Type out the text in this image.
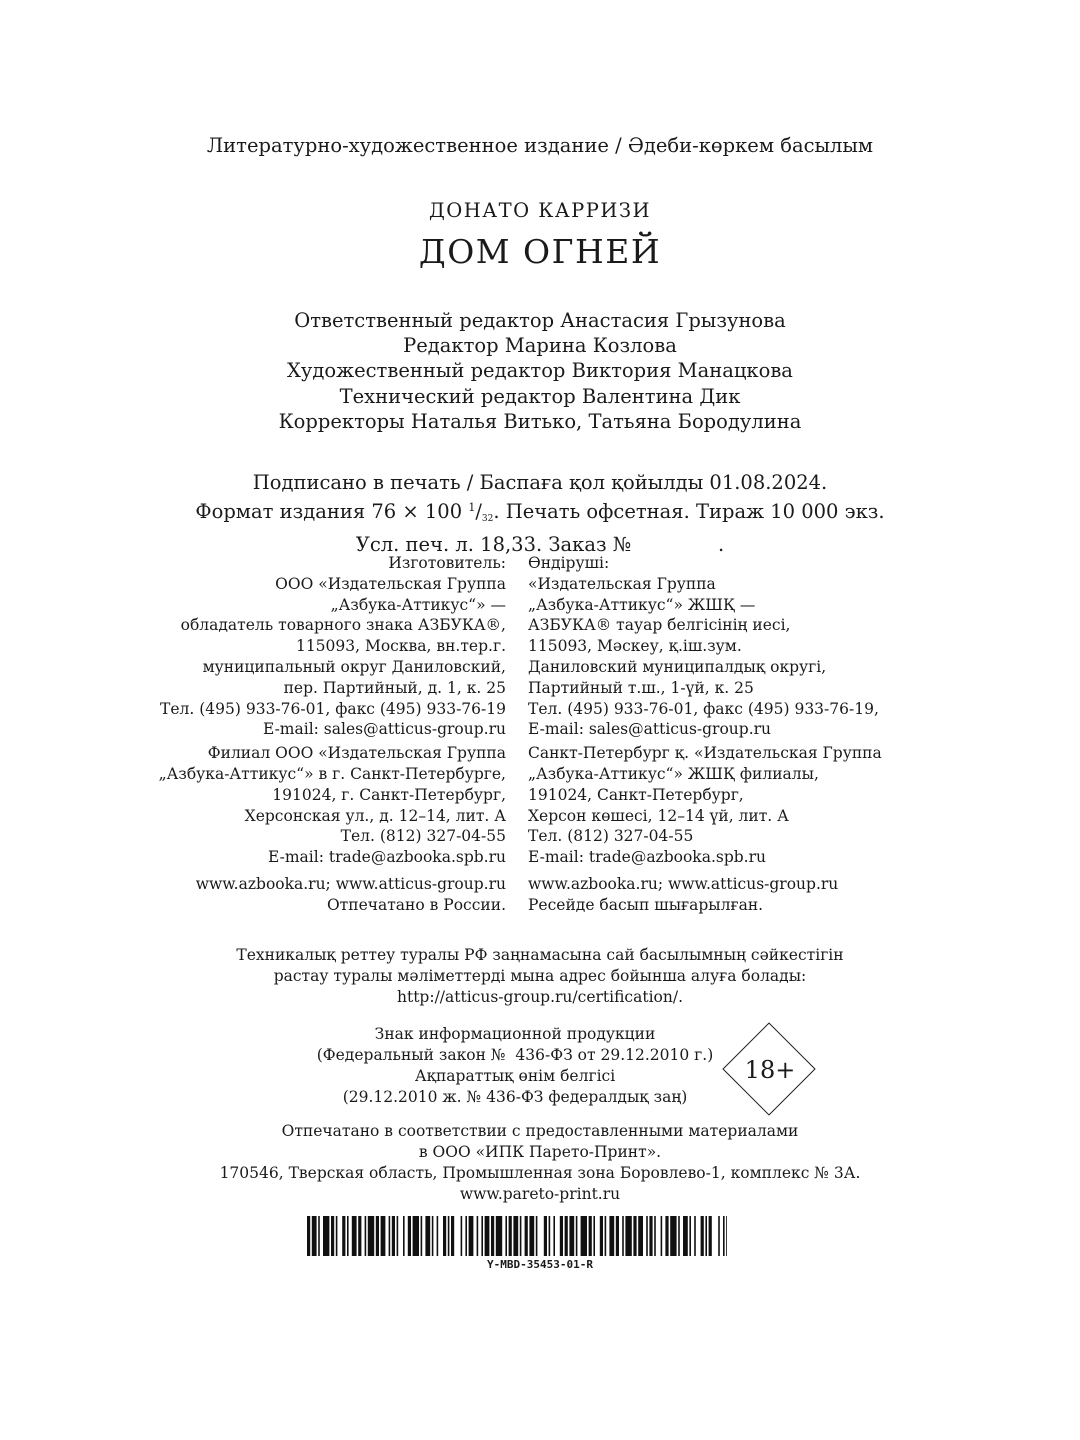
Литературно-художественное издание / Әдеби-көркем басылым
ДОНАТО КАРРИЗИ
ДОМ ОГНЕЙ
Ответственный редактор Анастасия Грызунова
Редактор Марина Козлова
Художественный редактор Виктория Манацкова
Технический редактор Валентина Дик
Корректоры Наталья Витько, Татьяна Бородулина
Подписано в печать / Баспаға қол қойылды 01.08.2024.
Формат издания 76 × 100 $^1/_{32}$. Печать офсетная. Тираж 10 000 экз.
Усл. печ. л. 18,33. Заказ №              .
Изготовитель: Өндіруші:
ООО «Издательская Группа «Издательская Группа
„Азбука-Аттикус“» — „Азбука-Аттикус“» ЖШҚ —
обладатель товарного знака АЗБУКА®, АЗБУКА® тауар белгісінің иесі,
115093, Москва, вн.тер.г. 115093, Мәскеу, қ.іш.зум.
муниципальный округ Даниловский, Даниловский муниципалдық округі,
пер. Партийный, д. 1, к. 25 Партийный т.ш., 1-үй, к. 25
Тел. (495) 933-76-01, факс (495) 933-76-19 Тел. (495) 933-76-01, факс (495) 933-76-19,
E-mail: sales@atticus-group.ru E-mail: sales@atticus-group.ru
Филиал ООО «Издательская Группа Санкт-Петербург қ. «Издательская Группа
„Азбука-Аттикус“» в г. Санкт-Петербурге, „Азбука-Аттикус“» ЖШҚ филиалы,
191024, г. Санкт-Петербург, 191024, Санкт-Петербург,
Херсонская ул., д. 12–14, лит. А Херсон көшесі, 12–14 үй, лит. А
Тел. (812) 327-04-55 Тел. (812) 327-04-55
E-mail: trade@azbooka.spb.ru E-mail: trade@azbooka.spb.ru
www.azbooka.ru; www.atticus-group.ru www.azbooka.ru; www.atticus-group.ru
Отпечатано в России. Ресейде басып шығарылған.
Техникалық реттеу туралы РФ заңнамасына сай басылымның сәйкестігін
растау туралы мәліметтерді мына адрес бойынша алуға болады:
http://atticus-group.ru/certification/.
Знак информационной продукции
(Федеральный закон №  436-ФЗ от 29.12.2010 г.)
Ақпараттық өнім белгісі
(29.12.2010 ж. № 436-ФЗ федералдық заң)
18+
Отпечатано в соответствии с предоставленными материалами
в ООО «ИПК Парето-Принт».
170546, Тверская область, Промышленная зона Боровлево-1, комплекс № 3А.
www.pareto-print.ru
Y-MBD-35453-01-R
